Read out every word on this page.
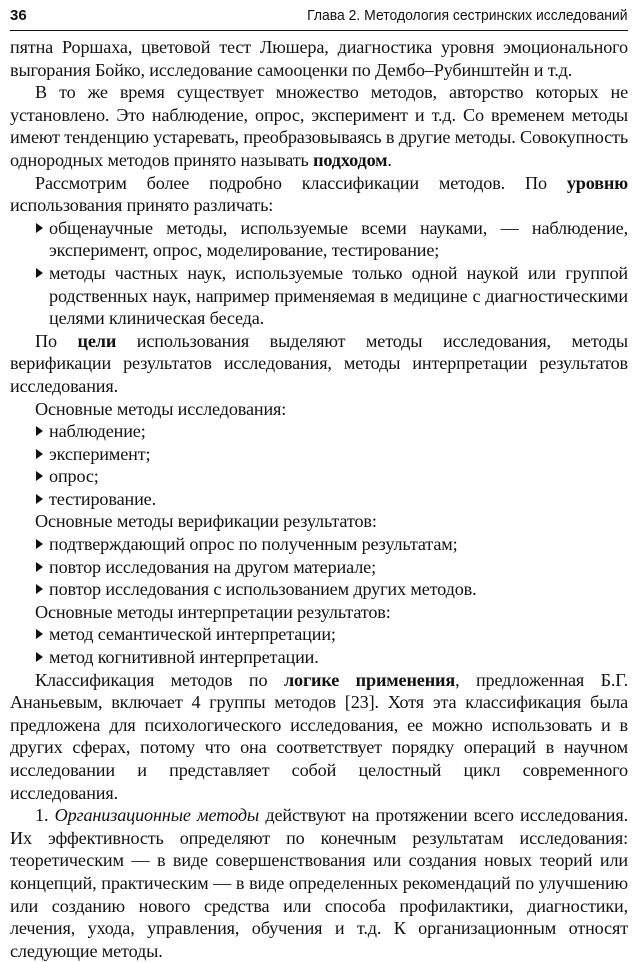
36	Глава 2. Методология сестринских исследований

пятна Роршаха, цветовой тест Люшера, диагностика уровня эмоционального выгорания Бойко, исследование самооценки по Дембо–Рубинштейн и т.д.

В то же время существует множество методов, авторство которых не установлено. Это наблюдение, опрос, эксперимент и т.д. Со временем методы имеют тенденцию устаревать, преобразовываясь в другие методы. Совокупность однородных методов принято называть подходом.

Рассмотрим более подробно классификации методов. По уровню использования принято различать:

общенаучные методы, используемые всеми науками, — наблюдение, эксперимент, опрос, моделирование, тестирование;
методы частных наук, используемые только одной наукой или группой родственных наук, например применяемая в медицине с диагностическими целями клиническая беседа.

По цели использования выделяют методы исследования, методы верификации результатов исследования, методы интерпретации результатов исследования.

Основные методы исследования:

наблюдение;
эксперимент;
опрос;
тестирование.

Основные методы верификации результатов:

подтверждающий опрос по полученным результатам;
повтор исследования на другом материале;
повтор исследования с использованием других методов.

Основные методы интерпретации результатов:

метод семантической интерпретации;
метод когнитивной интерпретации.

Классификация методов по логике применения, предложенная Б.Г. Ананьевым, включает 4 группы методов [23]. Хотя эта классификация была предложена для психологического исследования, ее можно использовать и в других сферах, потому что она соответствует порядку операций в научном исследовании и представляет собой целостный цикл современного исследования.

1. Организационные методы действуют на протяжении всего исследования. Их эффективность определяют по конечным результатам исследования: теоретическим — в виде совершенствования или создания новых теорий или концепций, практическим — в виде определенных рекомендаций по улучшению или созданию нового средства или способа профилактики, диагностики, лечения, ухода, управления, обучения и т.д. К организационным относят следующие методы.
